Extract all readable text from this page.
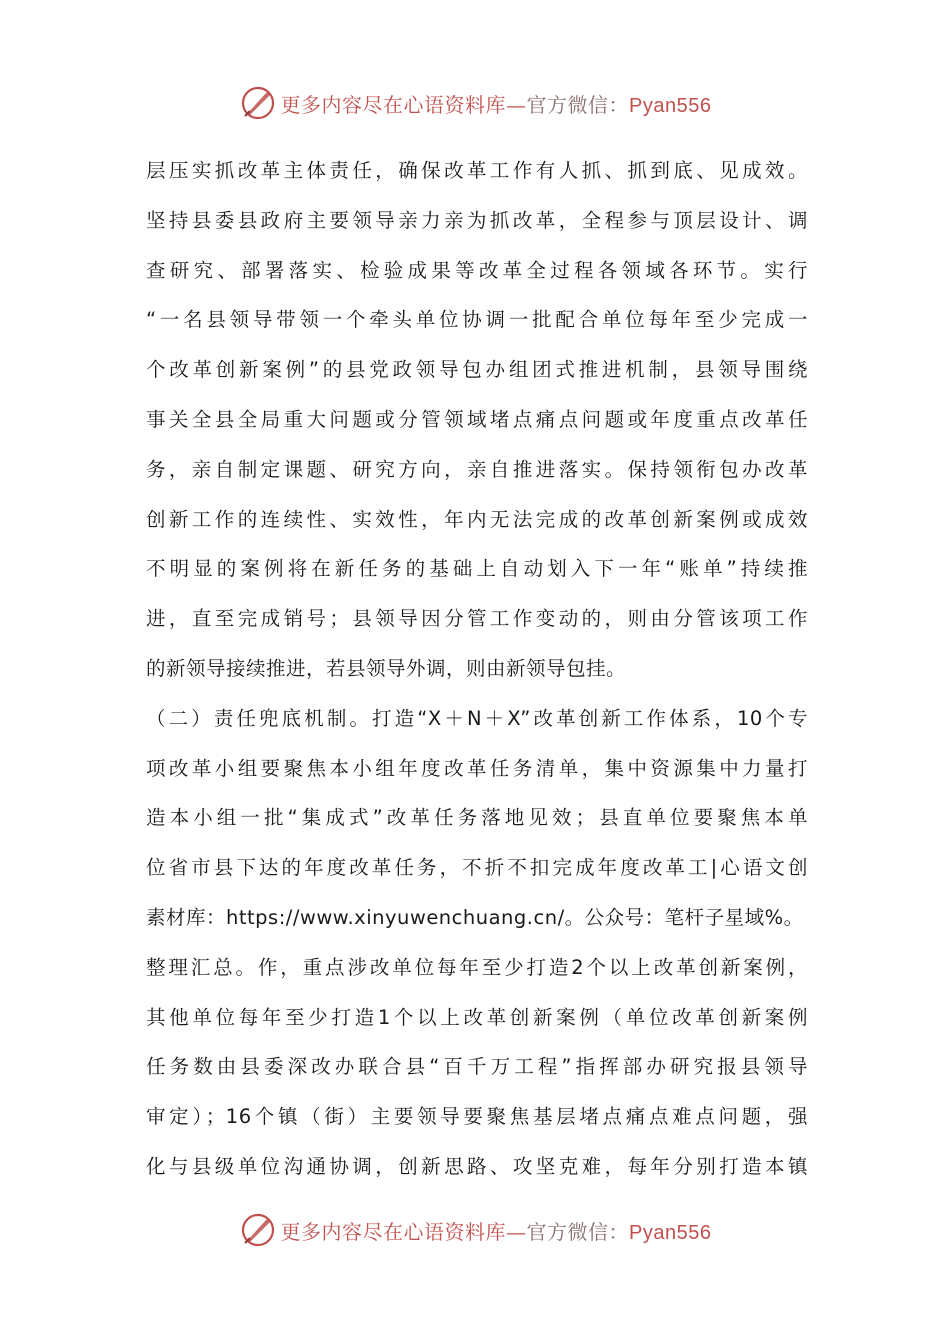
更多内容尽在心语资料库—官方微信：Pyan556
层压实抓改革主体责任，确保改革工作有人抓、抓到底、见成效。
坚持县委县政府主要领导亲力亲为抓改革，全程参与顶层设计、调
查研究、部署落实、检验成果等改革全过程各领域各环节。实行
“一名县领导带领一个牵头单位协调一批配合单位每年至少完成一
个改革创新案例”的县党政领导包办组团式推进机制，县领导围绕
事关全县全局重大问题或分管领域堵点痛点问题或年度重点改革任
务，亲自制定课题、研究方向，亲自推进落实。保持领衔包办改革
创新工作的连续性、实效性，年内无法完成的改革创新案例或成效
不明显的案例将在新任务的基础上自动划入下一年“账单”持续推
进，直至完成销号；县领导因分管工作变动的，则由分管该项工作
的新领导接续推进，若县领导外调，则由新领导包挂。
（二）责任兜底机制。打造“X＋N＋X”改革创新工作体系，10个专
项改革小组要聚焦本小组年度改革任务清单，集中资源集中力量打
造本小组一批“集成式”改革任务落地见效；县直单位要聚焦本单
位省市县下达的年度改革任务，不折不扣完成年度改革工|心语文创
素材库：https://www.xinyuwenchuang.cn/。公众号：笔杆子星域%。
整理汇总。作，重点涉改单位每年至少打造2个以上改革创新案例，
其他单位每年至少打造1个以上改革创新案例（单位改革创新案例
任务数由县委深改办联合县“百千万工程”指挥部办研究报县领导
审定）；16个镇（街）主要领导要聚焦基层堵点痛点难点问题，强
化与县级单位沟通协调，创新思路、攻坚克难，每年分别打造本镇
更多内容尽在心语资料库—官方微信：Pyan556
